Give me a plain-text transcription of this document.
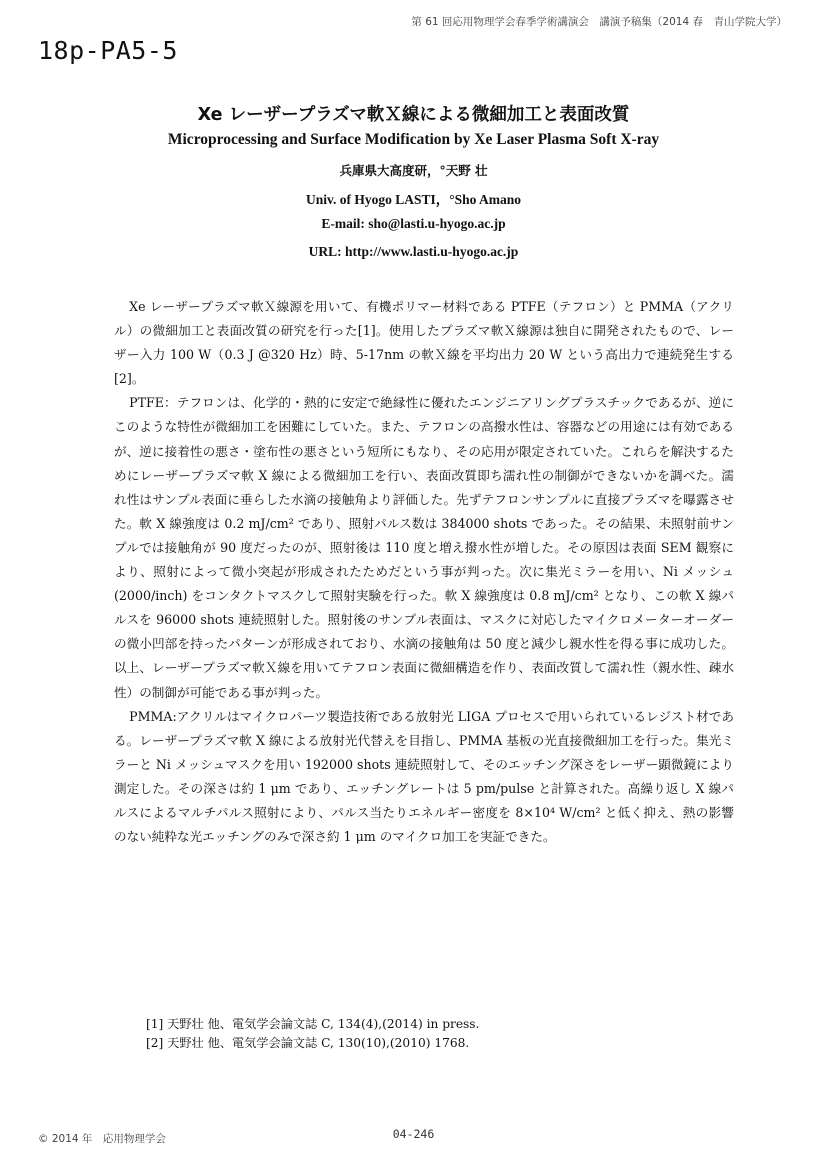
第 61 回応用物理学会春季学術講演会　講演予稿集（2014 春　青山学院大学）
18p-PA5-5
Xe レーザープラズマ軟Ｘ線による微細加工と表面改質
Microprocessing and Surface Modification by Xe Laser Plasma Soft X-ray
兵庫県大高度研，°天野 壮
Univ. of Hyogo LASTI，°Sho Amano
E-mail: sho@lasti.u-hyogo.ac.jp
URL: http://www.lasti.u-hyogo.ac.jp

Xe レーザープラズマ軟Ｘ線源を用いて、有機ポリマー材料である PTFE（テフロン）と PMMA（アクリル）の微細加工と表面改質の研究を行った[1]。使用したプラズマ軟Ｘ線源は独自に開発されたもので、レーザー入力 100 W（0.3 J @320 Hz）時、5-17nm の軟Ｘ線を平均出力 20 W という高出力で連続発生する[2]。

PTFE：テフロンは、化学的・熱的に安定で絶縁性に優れたエンジニアリングプラスチックであるが、逆にこのような特性が微細加工を困難にしていた。また、テフロンの高撥水性は、容器などの用途には有効であるが、逆に接着性の悪さ・塗布性の悪さという短所にもなり、その応用が限定されていた。これらを解決するためにレーザープラズマ軟 X 線による微細加工を行い、表面改質即ち濡れ性の制御ができないかを調べた。濡れ性はサンプル表面に垂らした水滴の接触角より評価した。先ずテフロンサンプルに直接プラズマを曝露させた。軟 X 線強度は 0.2 mJ/cm² であり、照射パルス数は 384000 shots であった。その結果、未照射前サンプルでは接触角が 90 度だったのが、照射後は 110 度と増え撥水性が増した。その原因は表面 SEM 観察により、照射によって微小突起が形成されたためだという事が判った。次に集光ミラーを用い、Ni メッシュ(2000/inch) をコンタクトマスクして照射実験を行った。軟 X 線強度は 0.8 mJ/cm² となり、この軟 X 線パルスを 96000 shots 連続照射した。照射後のサンプル表面は、マスクに対応したマイクロメーターオーダーの微小凹部を持ったパターンが形成されており、水滴の接触角は 50 度と減少し親水性を得る事に成功した。以上、レーザープラズマ軟Ｘ線を用いてテフロン表面に微細構造を作り、表面改質して濡れ性（親水性、疎水性）の制御が可能である事が判った。

PMMA:アクリルはマイクロパーツ製造技術である放射光 LIGA プロセスで用いられているレジスト材である。レーザープラズマ軟 X 線による放射光代替えを目指し、PMMA 基板の光直接微細加工を行った。集光ミラーと Ni メッシュマスクを用い 192000 shots 連続照射して、そのエッチング深さをレーザー顕微鏡により測定した。その深さは約 1 μm であり、エッチングレートは 5 pm/pulse と計算された。高繰り返し X 線パルスによるマルチパルス照射により、パルス当たりエネルギー密度を 8×10⁴ W/cm² と低く抑え、熱の影響のない純粋な光エッチングのみで深さ約 1 μm のマイクロ加工を実証できた。

[1] 天野壮 他、電気学会論文誌 C, 134(4),(2014) in press.
[2] 天野壮 他、電気学会論文誌 C, 130(10),(2010) 1768.
© 2014 年　応用物理学会	04-246
